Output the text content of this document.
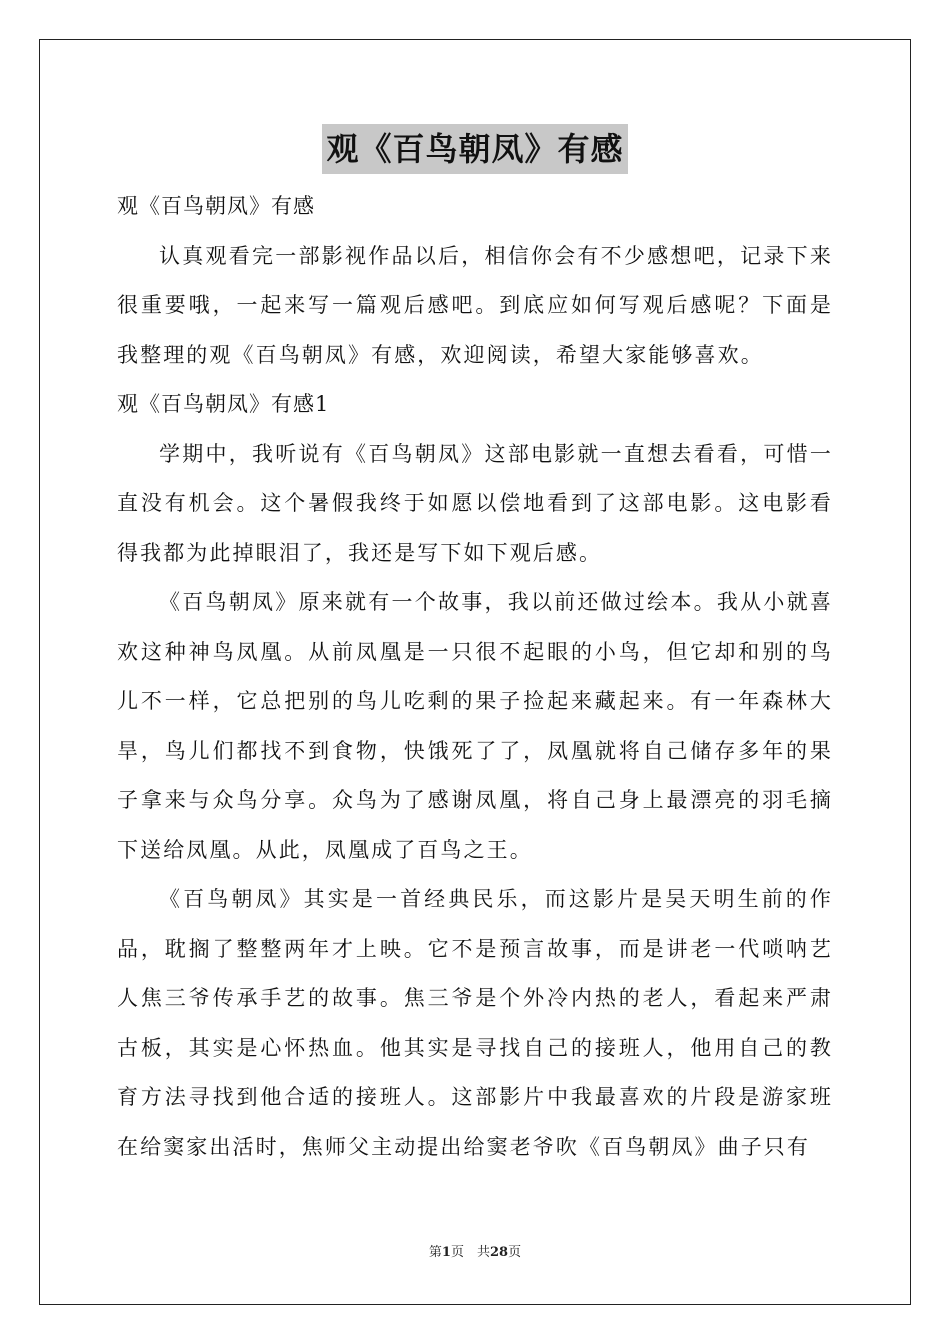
观《百鸟朝凤》有感

观《百鸟朝凤》有感

认真观看完一部影视作品以后，相信你会有不少感想吧，记录下来很重要哦，一起来写一篇观后感吧。到底应如何写观后感呢？下面是我整理的观《百鸟朝凤》有感，欢迎阅读，希望大家能够喜欢。

观《百鸟朝凤》有感1

学期中，我听说有《百鸟朝凤》这部电影就一直想去看看，可惜一直没有机会。这个暑假我终于如愿以偿地看到了这部电影。这电影看得我都为此掉眼泪了，我还是写下如下观后感。

《百鸟朝凤》原来就有一个故事，我以前还做过绘本。我从小就喜欢这种神鸟凤凰。从前凤凰是一只很不起眼的小鸟，但它却和别的鸟儿不一样，它总把别的鸟儿吃剩的果子捡起来藏起来。有一年森林大旱，鸟儿们都找不到食物，快饿死了了，凤凰就将自己储存多年的果子拿来与众鸟分享。众鸟为了感谢凤凰，将自己身上最漂亮的羽毛摘下送给凤凰。从此，凤凰成了百鸟之王。

《百鸟朝凤》其实是一首经典民乐，而这影片是吴天明生前的作品，耽搁了整整两年才上映。它不是预言故事，而是讲老一代唢呐艺人焦三爷传承手艺的故事。焦三爷是个外冷内热的老人，看起来严肃古板，其实是心怀热血。他其实是寻找自己的接班人，他用自己的教育方法寻找到他合适的接班人。这部影片中我最喜欢的片段是游家班在给窦家出活时，焦师父主动提出给窦老爷吹《百鸟朝凤》曲子只有

第1页　共28页
